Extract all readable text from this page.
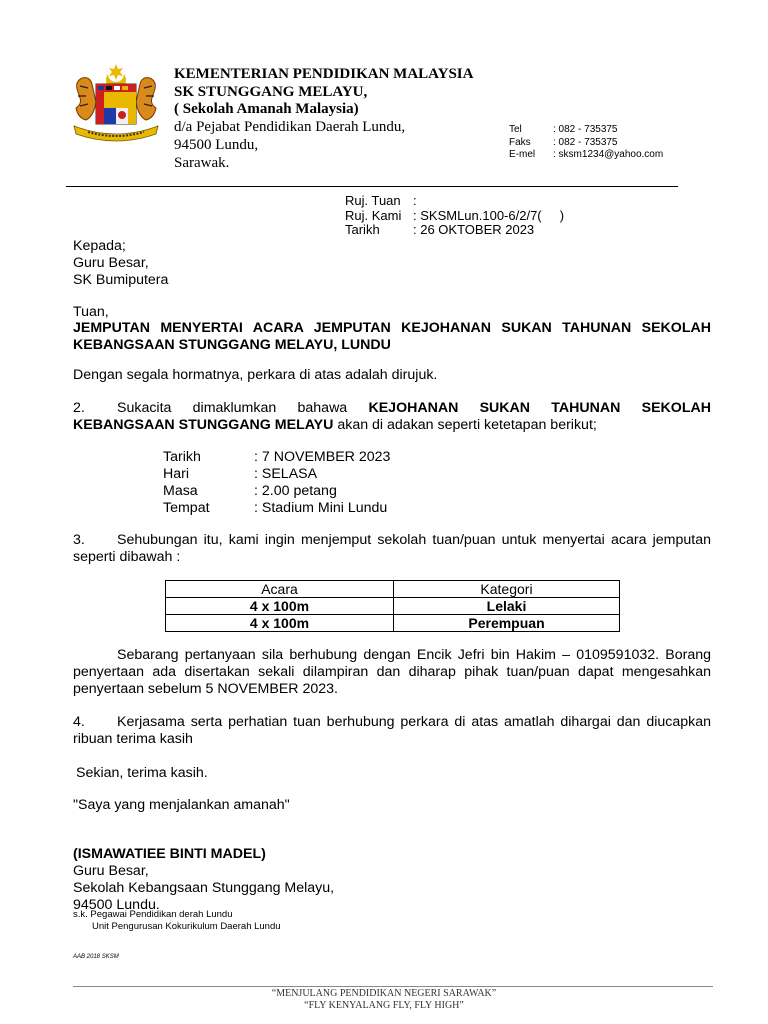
KEMENTERIAN PENDIDIKAN MALAYSIA
SK STUNGGANG MELAYU,
( Sekolah Amanah Malaysia)
d/a Pejabat Pendidikan Daerah Lundu,
94500 Lundu,
Sarawak.
Tel	: 082 - 735375
Faks : 082 - 735375
E-mel : sksm1234@yahoo.com
Ruj. Tuan :
Ruj. Kami : SKSMLun.100-6/2/7(     )
Tarikh	: 26 OKTOBER 2023
Kepada;
Guru Besar,
SK Bumiputera
Tuan,
JEMPUTAN MENYERTAI ACARA JEMPUTAN KEJOHANAN SUKAN TAHUNAN SEKOLAH KEBANGSAAN STUNGGANG MELAYU, LUNDU
Dengan segala hormatnya, perkara di atas adalah dirujuk.
2. Sukacita dimaklumkan bahawa KEJOHANAN SUKAN TAHUNAN SEKOLAH KEBANGSAAN STUNGGANG MELAYU akan di adakan seperti ketetapan berikut;
Tarikh	: 7 NOVEMBER 2023
Hari	: SELASA
Masa	: 2.00 petang
Tempat	: Stadium Mini Lundu
3. Sehubungan itu, kami ingin menjemput sekolah tuan/puan untuk menyertai acara jemputan seperti dibawah :
Acara	Kategori
4 x 100m	Lelaki
4 x 100m	Perempuan
Sebarang pertanyaan sila berhubung dengan Encik Jefri bin Hakim – 0109591032. Borang penyertaan ada disertakan sekali dilampiran dan diharap pihak tuan/puan dapat mengesahkan penyertaan sebelum 5 NOVEMBER 2023.
4. Kerjasama serta perhatian tuan berhubung perkara di atas amatlah dihargai dan diucapkan ribuan terima kasih
Sekian, terima kasih.
"Saya yang menjalankan amanah"
(ISMAWATIEE BINTI MADEL)
Guru Besar,
Sekolah Kebangsaan Stunggang Melayu,
94500 Lundu.
s.k. Pegawai Pendidikan derah Lundu
Unit Pengurusan Kokurikulum Daerah Lundu
AAB 2018 SKSM
“MENJULANG PENDIDIKAN NEGERI SARAWAK”
“FLY KENYALANG FLY, FLY HIGH”
